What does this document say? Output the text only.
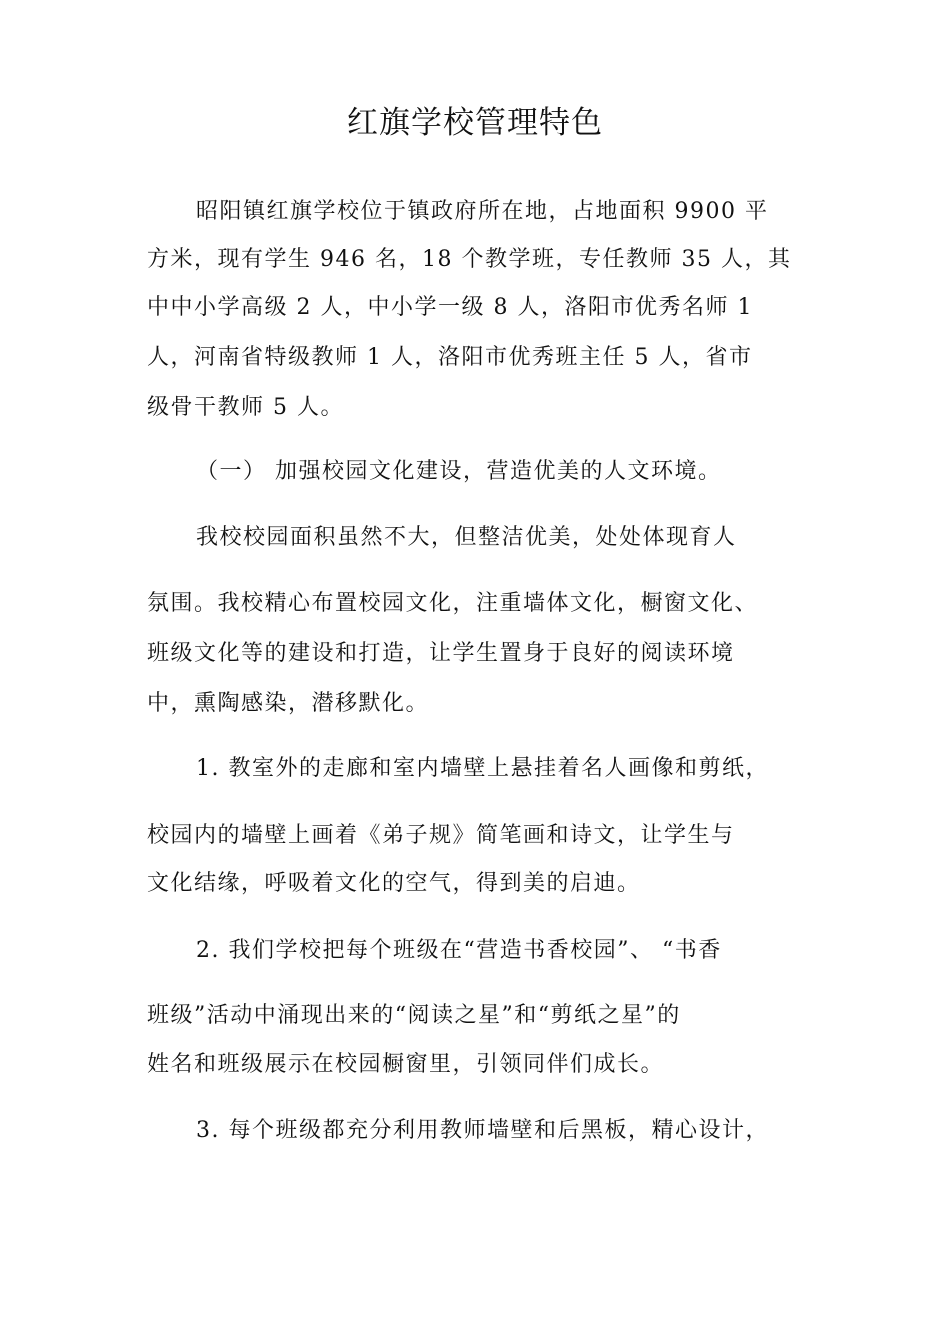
红旗学校管理特色
昭阳镇红旗学校位于镇政府所在地，占地面积 9900 平
方米，现有学生 946 名，18 个教学班，专任教师 35 人，其
中中小学高级 2 人，中小学一级 8 人，洛阳市优秀名师 1
人，河南省特级教师 1 人，洛阳市优秀班主任 5 人，省市
级骨干教师 5 人。
（一） 加强校园文化建设，营造优美的人文环境。
我校校园面积虽然不大，但整洁优美，处处体现育人
氛围。我校精心布置校园文化，注重墙体文化，橱窗文化、
班级文化等的建设和打造，让学生置身于良好的阅读环境
中，熏陶感染，潜移默化。
1. 教室外的走廊和室内墙壁上悬挂着名人画像和剪纸，
校园内的墙壁上画着《弟子规》简笔画和诗文，让学生与
文化结缘，呼吸着文化的空气，得到美的启迪。
2. 我们学校把每个班级在“营造书香校园”、 “书香
班级”活动中涌现出来的“阅读之星”和“剪纸之星”的
姓名和班级展示在校园橱窗里，引领同伴们成长。
3. 每个班级都充分利用教师墙壁和后黑板，精心设计，
